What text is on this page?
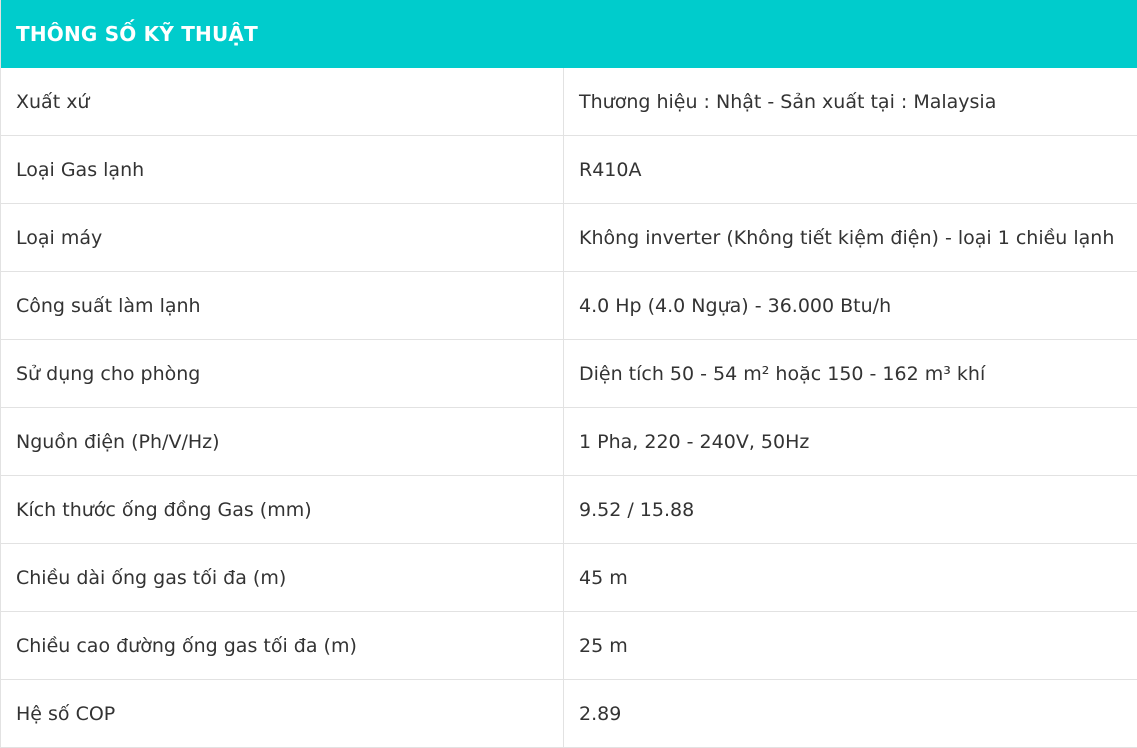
THÔNG SỐ KỸ THUẬT
Xuất xứ	Thương hiệu : Nhật - Sản xuất tại : Malaysia
Loại Gas lạnh	R410A
Loại máy	Không inverter (Không tiết kiệm điện) - loại 1 chiều lạnh
Công suất làm lạnh	4.0 Hp (4.0 Ngựa) - 36.000 Btu/h
Sử dụng cho phòng	Diện tích 50 - 54 m² hoặc 150 - 162 m³ khí
Nguồn điện (Ph/V/Hz)	1 Pha, 220 - 240V, 50Hz
Kích thước ống đồng Gas (mm)	9.52 / 15.88
Chiều dài ống gas tối đa (m)	45 m
Chiều cao đường ống gas tối đa (m)	25 m
Hệ số COP	2.89
